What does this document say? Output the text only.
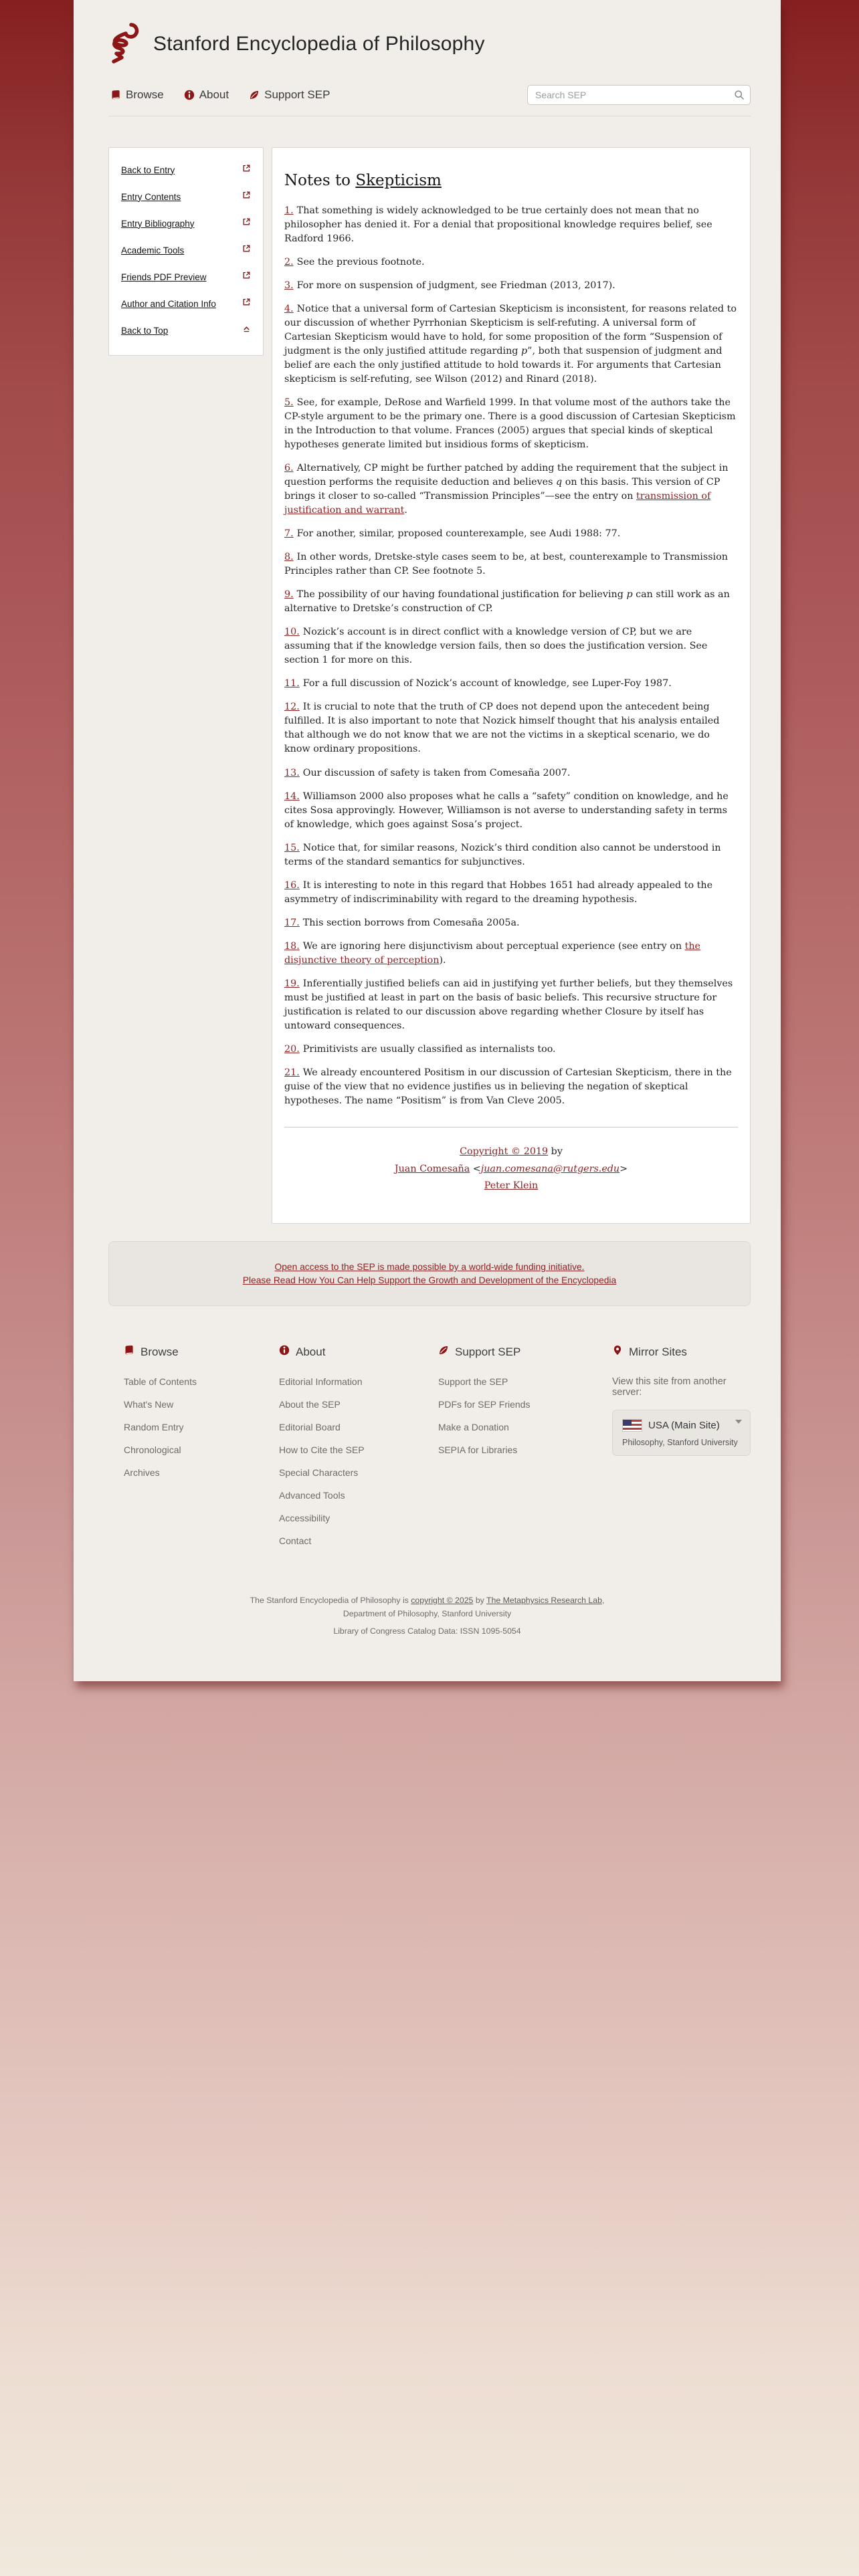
Stanford Encyclopedia of Philosophy
Browse	About	Support SEP
Search SEP
Back to Entry
Entry Contents
Entry Bibliography
Academic Tools
Friends PDF Preview
Author and Citation Info
Back to Top
Notes to Skepticism

1. That something is widely acknowledged to be true certainly does not mean that no philosopher has denied it. For a denial that propositional knowledge requires belief, see Radford 1966.

2. See the previous footnote.

3. For more on suspension of judgment, see Friedman (2013, 2017).

4. Notice that a universal form of Cartesian Skepticism is inconsistent, for reasons related to our discussion of whether Pyrrhonian Skepticism is self-refuting. A universal form of Cartesian Skepticism would have to hold, for some proposition of the form “Suspension of judgment is the only justified attitude regarding p”, both that suspension of judgment and belief are each the only justified attitude to hold towards it. For arguments that Cartesian skepticism is self-refuting, see Wilson (2012) and Rinard (2018).

5. See, for example, DeRose and Warfield 1999. In that volume most of the authors take the CP-style argument to be the primary one. There is a good discussion of Cartesian Skepticism in the Introduction to that volume. Frances (2005) argues that special kinds of skeptical hypotheses generate limited but insidious forms of skepticism.

6. Alternatively, CP might be further patched by adding the requirement that the subject in question performs the requisite deduction and believes q on this basis. This version of CP brings it closer to so-called “Transmission Principles”—see the entry on transmission of justification and warrant.

7. For another, similar, proposed counterexample, see Audi 1988: 77.

8. In other words, Dretske-style cases seem to be, at best, counterexample to Transmission Principles rather than CP. See footnote 5.

9. The possibility of our having foundational justification for believing p can still work as an alternative to Dretske’s construction of CP.

10. Nozick’s account is in direct conflict with a knowledge version of CP, but we are assuming that if the knowledge version fails, then so does the justification version. See section 1 for more on this.

11. For a full discussion of Nozick’s account of knowledge, see Luper-Foy 1987.

12. It is crucial to note that the truth of CP does not depend upon the antecedent being fulfilled. It is also important to note that Nozick himself thought that his analysis entailed that although we do not know that we are not the victims in a skeptical scenario, we do know ordinary propositions.

13. Our discussion of safety is taken from Comesaña 2007.

14. Williamson 2000 also proposes what he calls a “safety” condition on knowledge, and he cites Sosa approvingly. However, Williamson is not averse to understanding safety in terms of knowledge, which goes against Sosa’s project.

15. Notice that, for similar reasons, Nozick’s third condition also cannot be understood in terms of the standard semantics for subjunctives.

16. It is interesting to note in this regard that Hobbes 1651 had already appealed to the asymmetry of indiscriminability with regard to the dreaming hypothesis.

17. This section borrows from Comesaña 2005a.

18. We are ignoring here disjunctivism about perceptual experience (see entry on the disjunctive theory of perception).

19. Inferentially justified beliefs can aid in justifying yet further beliefs, but they themselves must be justified at least in part on the basis of basic beliefs. This recursive structure for justification is related to our discussion above regarding whether Closure by itself has untoward consequences.

20. Primitivists are usually classified as internalists too.

21. We already encountered Positism in our discussion of Cartesian Skepticism, there in the guise of the view that no evidence justifies us in believing the negation of skeptical hypotheses. The name “Positism” is from Van Cleve 2005.

Copyright © 2019 by
Juan Comesaña <juan.comesana@rutgers.edu>
Peter Klein
Open access to the SEP is made possible by a world-wide funding initiative.
Please Read How You Can Help Support the Growth and Development of the Encyclopedia
Browse
Table of Contents
What's New
Random Entry
Chronological
Archives
About
Editorial Information
About the SEP
Editorial Board
How to Cite the SEP
Special Characters
Advanced Tools
Accessibility
Contact
Support SEP
Support the SEP
PDFs for SEP Friends
Make a Donation
SEPIA for Libraries
Mirror Sites

View this site from another server:

USA (Main Site)
Philosophy, Stanford University
The Stanford Encyclopedia of Philosophy is copyright © 2025 by The Metaphysics Research Lab,
Department of Philosophy, Stanford University
Library of Congress Catalog Data: ISSN 1095-5054
